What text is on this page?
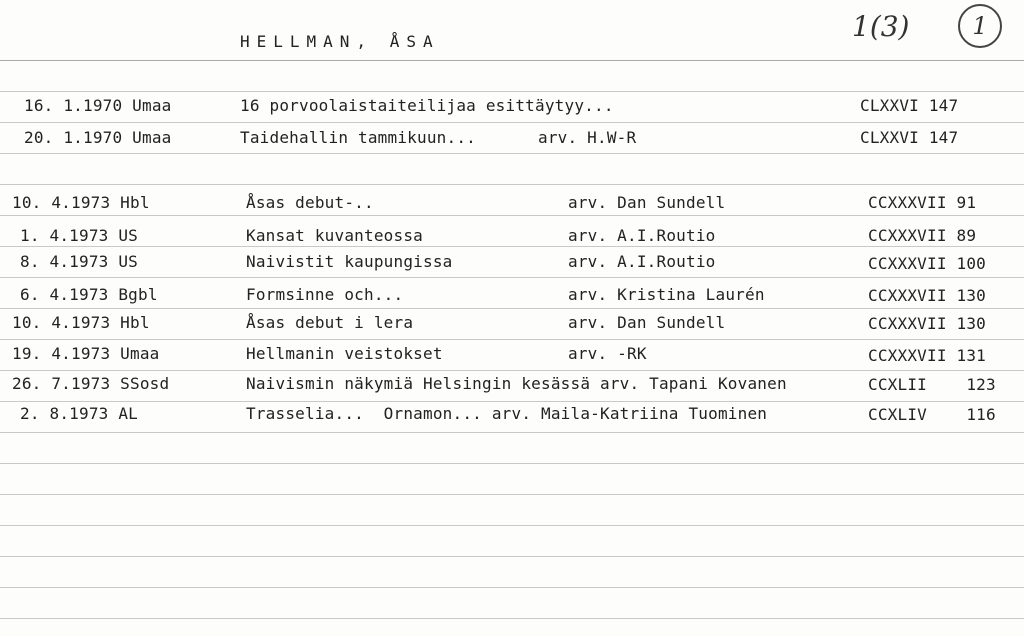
HELLMAN, ÅSA	1(3)	1
16. 1.1970 Umaa	16 porvoolaistaiteilijaa esittäytyy...	CLXXVI 147
20. 1.1970 Umaa	Taidehallin tammikuun...	arv. H.W-R	CLXXVI 147
10. 4.1973 Hbl	Åsas debut-..	arv. Dan Sundell	CCXXXVII 91
1. 4.1973 US	Kansat kuvanteossa	arv. A.I.Routio	CCXXXVII 89
8. 4.1973 US	Naivistit kaupungissa	arv. A.I.Routio	CCXXXVII 100
6. 4.1973 Bgbl	Formsinne och...	arv. Kristina Laurén	CCXXXVII 130
10. 4.1973 Hbl	Åsas debut i lera	arv. Dan Sundell	CCXXXVII 130
19. 4.1973 Umaa	Hellmanin veistokset	arv. -RK	CCXXXVII 131
26. 7.1973 SSosd	Naivismin näkymiä Helsingin kesässä arv. Tapani Kovanen	CCXLII    123
2. 8.1973 AL	Trasselia...  Ornamon... arv. Maila-Katriina Tuominen	CCXLIV    116
